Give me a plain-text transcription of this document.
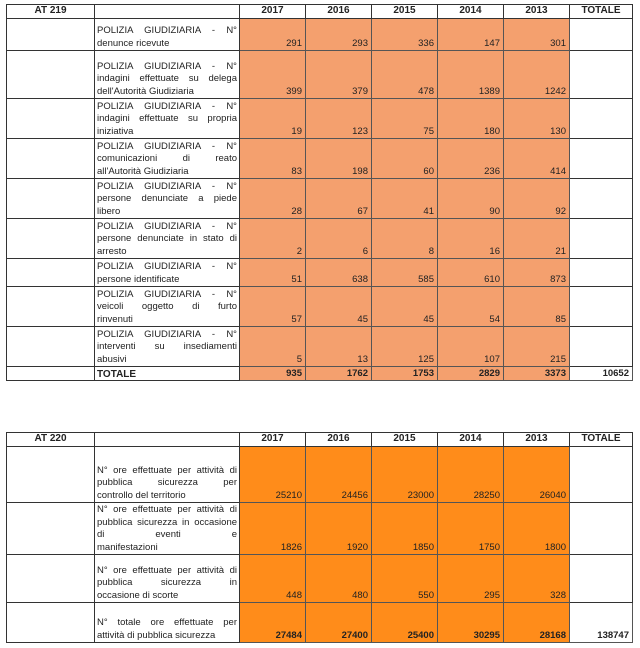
AT 219		2017	2016	2015	2014	2013	TOTALE
	POLIZIA GIUDIZIARIA - N°
denunce ricevute	291	293	336	147	301	
	POLIZIA GIUDIZIARIA - N° indagini effettuate su delega
dell'Autorità Giudiziaria	399	379	478	1389	1242	
	POLIZIA GIUDIZIARIA - N° indagini effettuate su propria
iniziativa	19	123	75	180	130	
	POLIZIA GIUDIZIARIA - N° comunicazioni di reato
all'Autorità Giudiziaria	83	198	60	236	414	
	POLIZIA GIUDIZIARIA - N° persone denunciate a piede
libero	28	67	41	90	92	
	POLIZIA GIUDIZIARIA - N° persone denunciate in stato di
arresto	2	6	8	16	21	
	POLIZIA GIUDIZIARIA - N°
persone identificate	51	638	585	610	873	
	POLIZIA GIUDIZIARIA - N° veicoli oggetto di furto
rinvenuti	57	45	45	54	85	
	POLIZIA GIUDIZIARIA - N° interventi su insediamenti
abusivi	5	13	125	107	215	
	TOTALE	935	1762	1753	2829	3373	10652
AT 220		2017	2016	2015	2014	2013	TOTALE
	N° ore effettuate per attività di pubblica sicurezza per
controllo del territorio	25210	24456	23000	28250	26040	
	N° ore effettuate per attività di pubblica sicurezza in occasione di eventi e
manifestazioni	1826	1920	1850	1750	1800	
	N° ore effettuate per attività di pubblica sicurezza in
occasione di scorte	448	480	550	295	328	
	N° totale ore effettuate per
attività di pubblica sicurezza	27484	27400	25400	30295	28168	138747
